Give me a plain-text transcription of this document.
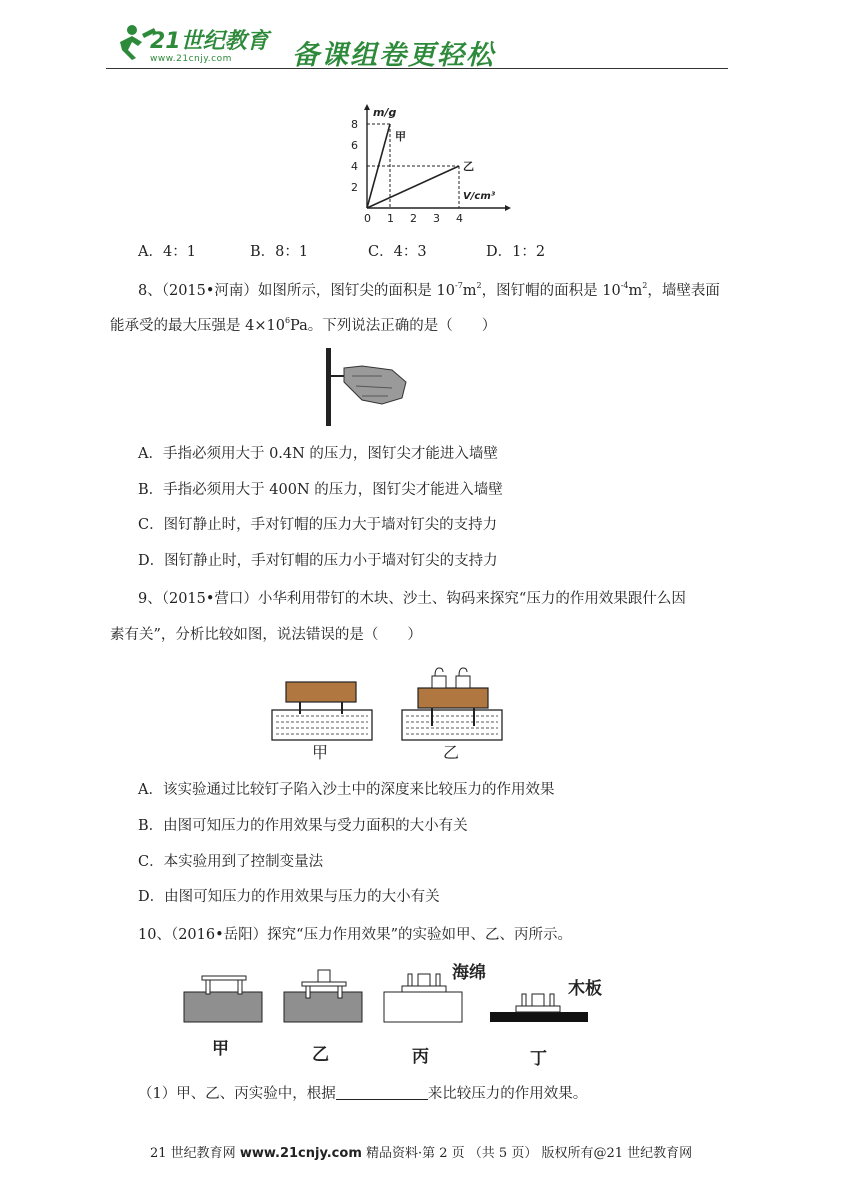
21世纪教育
www.21cnjy.com 备课组卷更轻松
m/g
V/cm³
2
4
6
8
0 1 2 3 4
甲
乙
A．4：1	B．8：1	C．4：3	D．1：2
8、（2015•河南）如图所示，图钉尖的面积是 $10^{-7}m^2$，图钉帽的面积是 $10^{-4}m^2$，墙壁表面
能承受的最大压强是 $4\times 10^6Pa$。下列说法正确的是（　　）
A．手指必须用大于 0.4N 的压力，图钉尖才能进入墙壁
B．手指必须用大于 400N 的压力，图钉尖才能进入墙壁
C．图钉静止时，手对钉帽的压力大于墙对钉尖的支持力
D．图钉静止时，手对钉帽的压力小于墙对钉尖的支持力
9、（2015•营口）小华利用带钉的木块、沙土、钩码来探究“压力的作用效果跟什么因
素有关”，分析比较如图，说法错误的是（　　）
甲	乙
A．该实验通过比较钉子陷入沙土中的深度来比较压力的作用效果
B．由图可知压力的作用效果与受力面积的大小有关
C．本实验用到了控制变量法
D．由图可知压力的作用效果与压力的大小有关
10、（2016•岳阳）探究“压力作用效果”的实验如甲、乙、丙所示。
海绵
木板
甲	乙	丙	丁
（1）甲、乙、丙实验中，根据	来比较压力的作用效果。
21 世纪教育网 www.21cnjy.com 精品资料·第 2 页 （共 5 页） 版权所有@21 世纪教育网
